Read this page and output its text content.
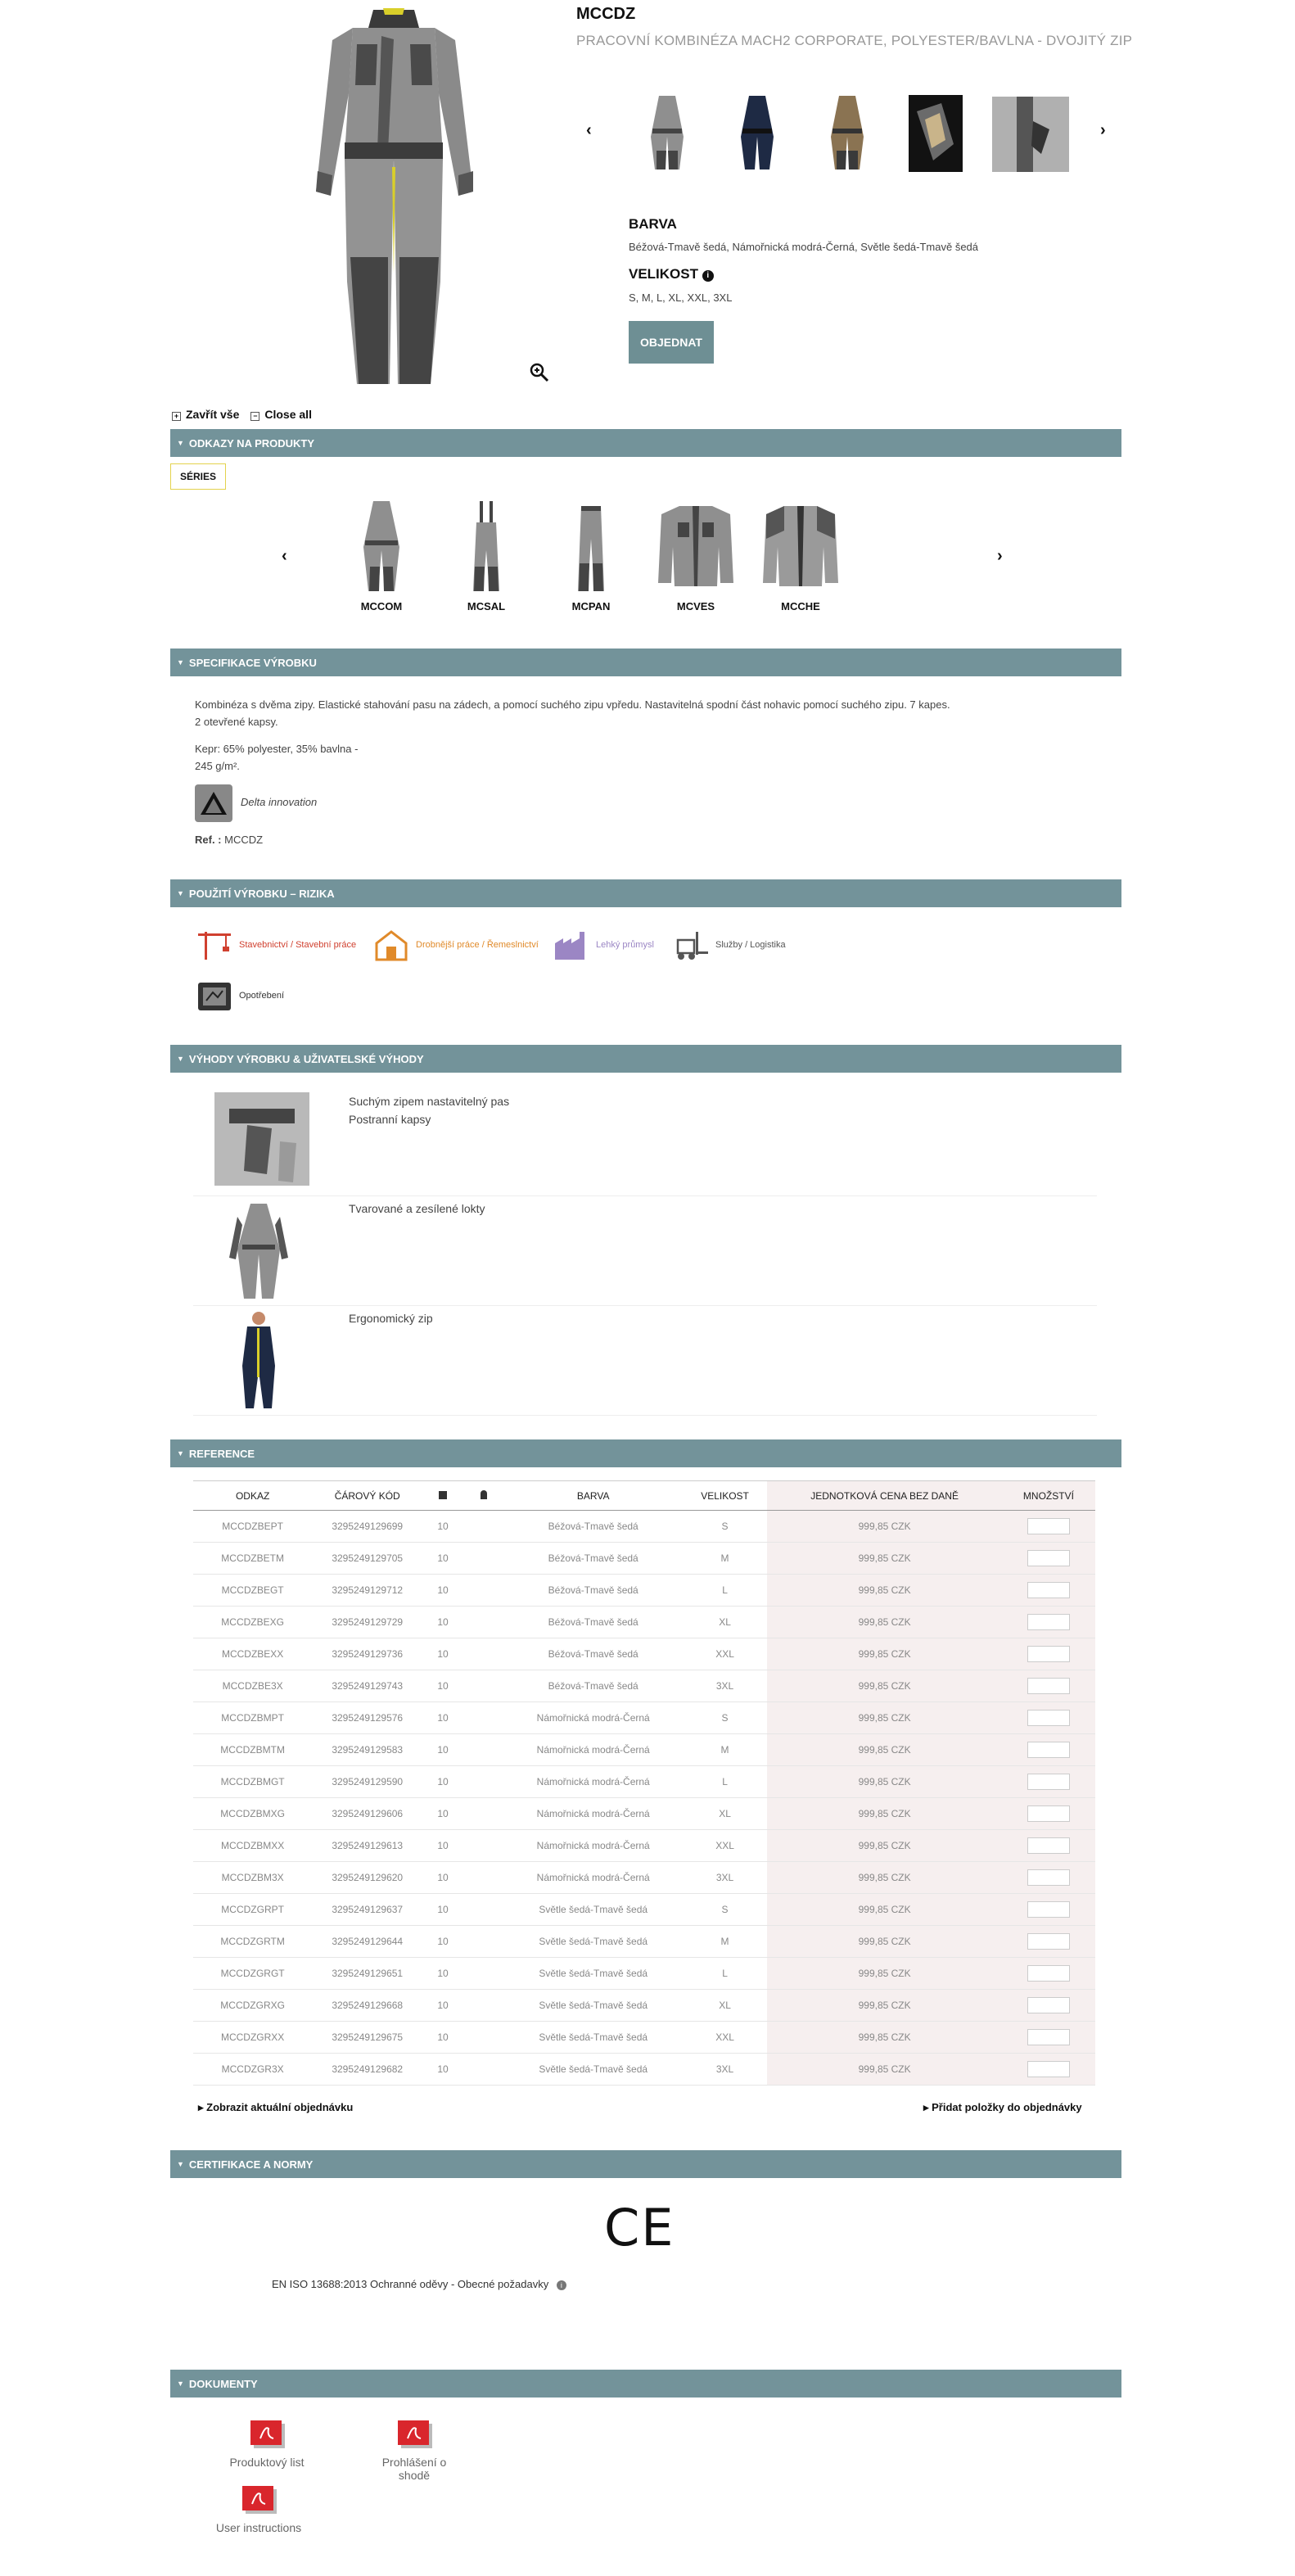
MCCDZ
PRACOVNÍ KOMBINÉZA MACH2 CORPORATE, POLYESTER/BAVLNA - DVOJITÝ ZIP
‹	›
BARVA
Béžová-Tmavě šedá, Námořnická modrá-Černá, Světle šedá-Tmavě šedá
VELIKOST i
S, M, L, XL, XXL, 3XL
OBJEDNAT
+ Zavřít vše	− Close all
▼ ODKAZY NA PRODUKTY
SÉRIES
‹	›
MCCOM	MCSAL	MCPAN	MCVES	MCCHE
▼ SPECIFIKACE VÝROBKU
Kombinéza s dvěma zipy. Elastické stahování pasu na zádech, a pomocí suchého zipu vpředu. Nastavitelná spodní část nohavic pomocí suchého zipu. 7 kapes.
2 otevřené kapsy.
Kepr: 65% polyester, 35% bavlna -
245 g/m².
Delta innovation
Ref. : MCCDZ
▼ POUŽITÍ VÝROBKU – RIZIKA
Stavebnictví / Stavební práce	Drobnější práce / Řemeslnictví	Lehký průmysl	Služby / Logistika
Opotřebení
▼ VÝHODY VÝROBKU & UŽIVATELSKÉ VÝHODY
Suchým zipem nastavitelný pas
Postranní kapsy
Tvarované a zesílené lokty
Ergonomický zip
▼ REFERENCE
ODKAZ	ČÁROVÝ KÓD			BARVA	VELIKOST	JEDNOTKOVÁ CENA BEZ DANĚ	MNOŽSTVÍ
MCCDZBEPT	3295249129699	10		Béžová-Tmavě šedá	S	999,85 CZK	
MCCDZBETM	3295249129705	10		Béžová-Tmavě šedá	M	999,85 CZK	
MCCDZBEGT	3295249129712	10		Béžová-Tmavě šedá	L	999,85 CZK	
MCCDZBEXG	3295249129729	10		Béžová-Tmavě šedá	XL	999,85 CZK	
MCCDZBEXX	3295249129736	10		Béžová-Tmavě šedá	XXL	999,85 CZK	
MCCDZBE3X	3295249129743	10		Béžová-Tmavě šedá	3XL	999,85 CZK	
MCCDZBMPT	3295249129576	10		Námořnická modrá-Černá	S	999,85 CZK	
MCCDZBMTM	3295249129583	10		Námořnická modrá-Černá	M	999,85 CZK	
MCCDZBMGT	3295249129590	10		Námořnická modrá-Černá	L	999,85 CZK	
MCCDZBMXG	3295249129606	10		Námořnická modrá-Černá	XL	999,85 CZK	
MCCDZBMXX	3295249129613	10		Námořnická modrá-Černá	XXL	999,85 CZK	
MCCDZBM3X	3295249129620	10		Námořnická modrá-Černá	3XL	999,85 CZK	
MCCDZGRPT	3295249129637	10		Světle šedá-Tmavě šedá	S	999,85 CZK	
MCCDZGRTM	3295249129644	10		Světle šedá-Tmavě šedá	M	999,85 CZK	
MCCDZGRGT	3295249129651	10		Světle šedá-Tmavě šedá	L	999,85 CZK	
MCCDZGRXG	3295249129668	10		Světle šedá-Tmavě šedá	XL	999,85 CZK	
MCCDZGRXX	3295249129675	10		Světle šedá-Tmavě šedá	XXL	999,85 CZK	
MCCDZGR3X	3295249129682	10		Světle šedá-Tmavě šedá	3XL	999,85 CZK	
▸ Zobrazit aktuální objednávku	▸ Přidat položky do objednávky
▼ CERTIFIKACE A NORMY
CE
EN ISO 13688:2013 Ochranné oděvy - Obecné požadavky i
▼ DOKUMENTY
Produktový list	Prohlášení o shodě
User instructions
